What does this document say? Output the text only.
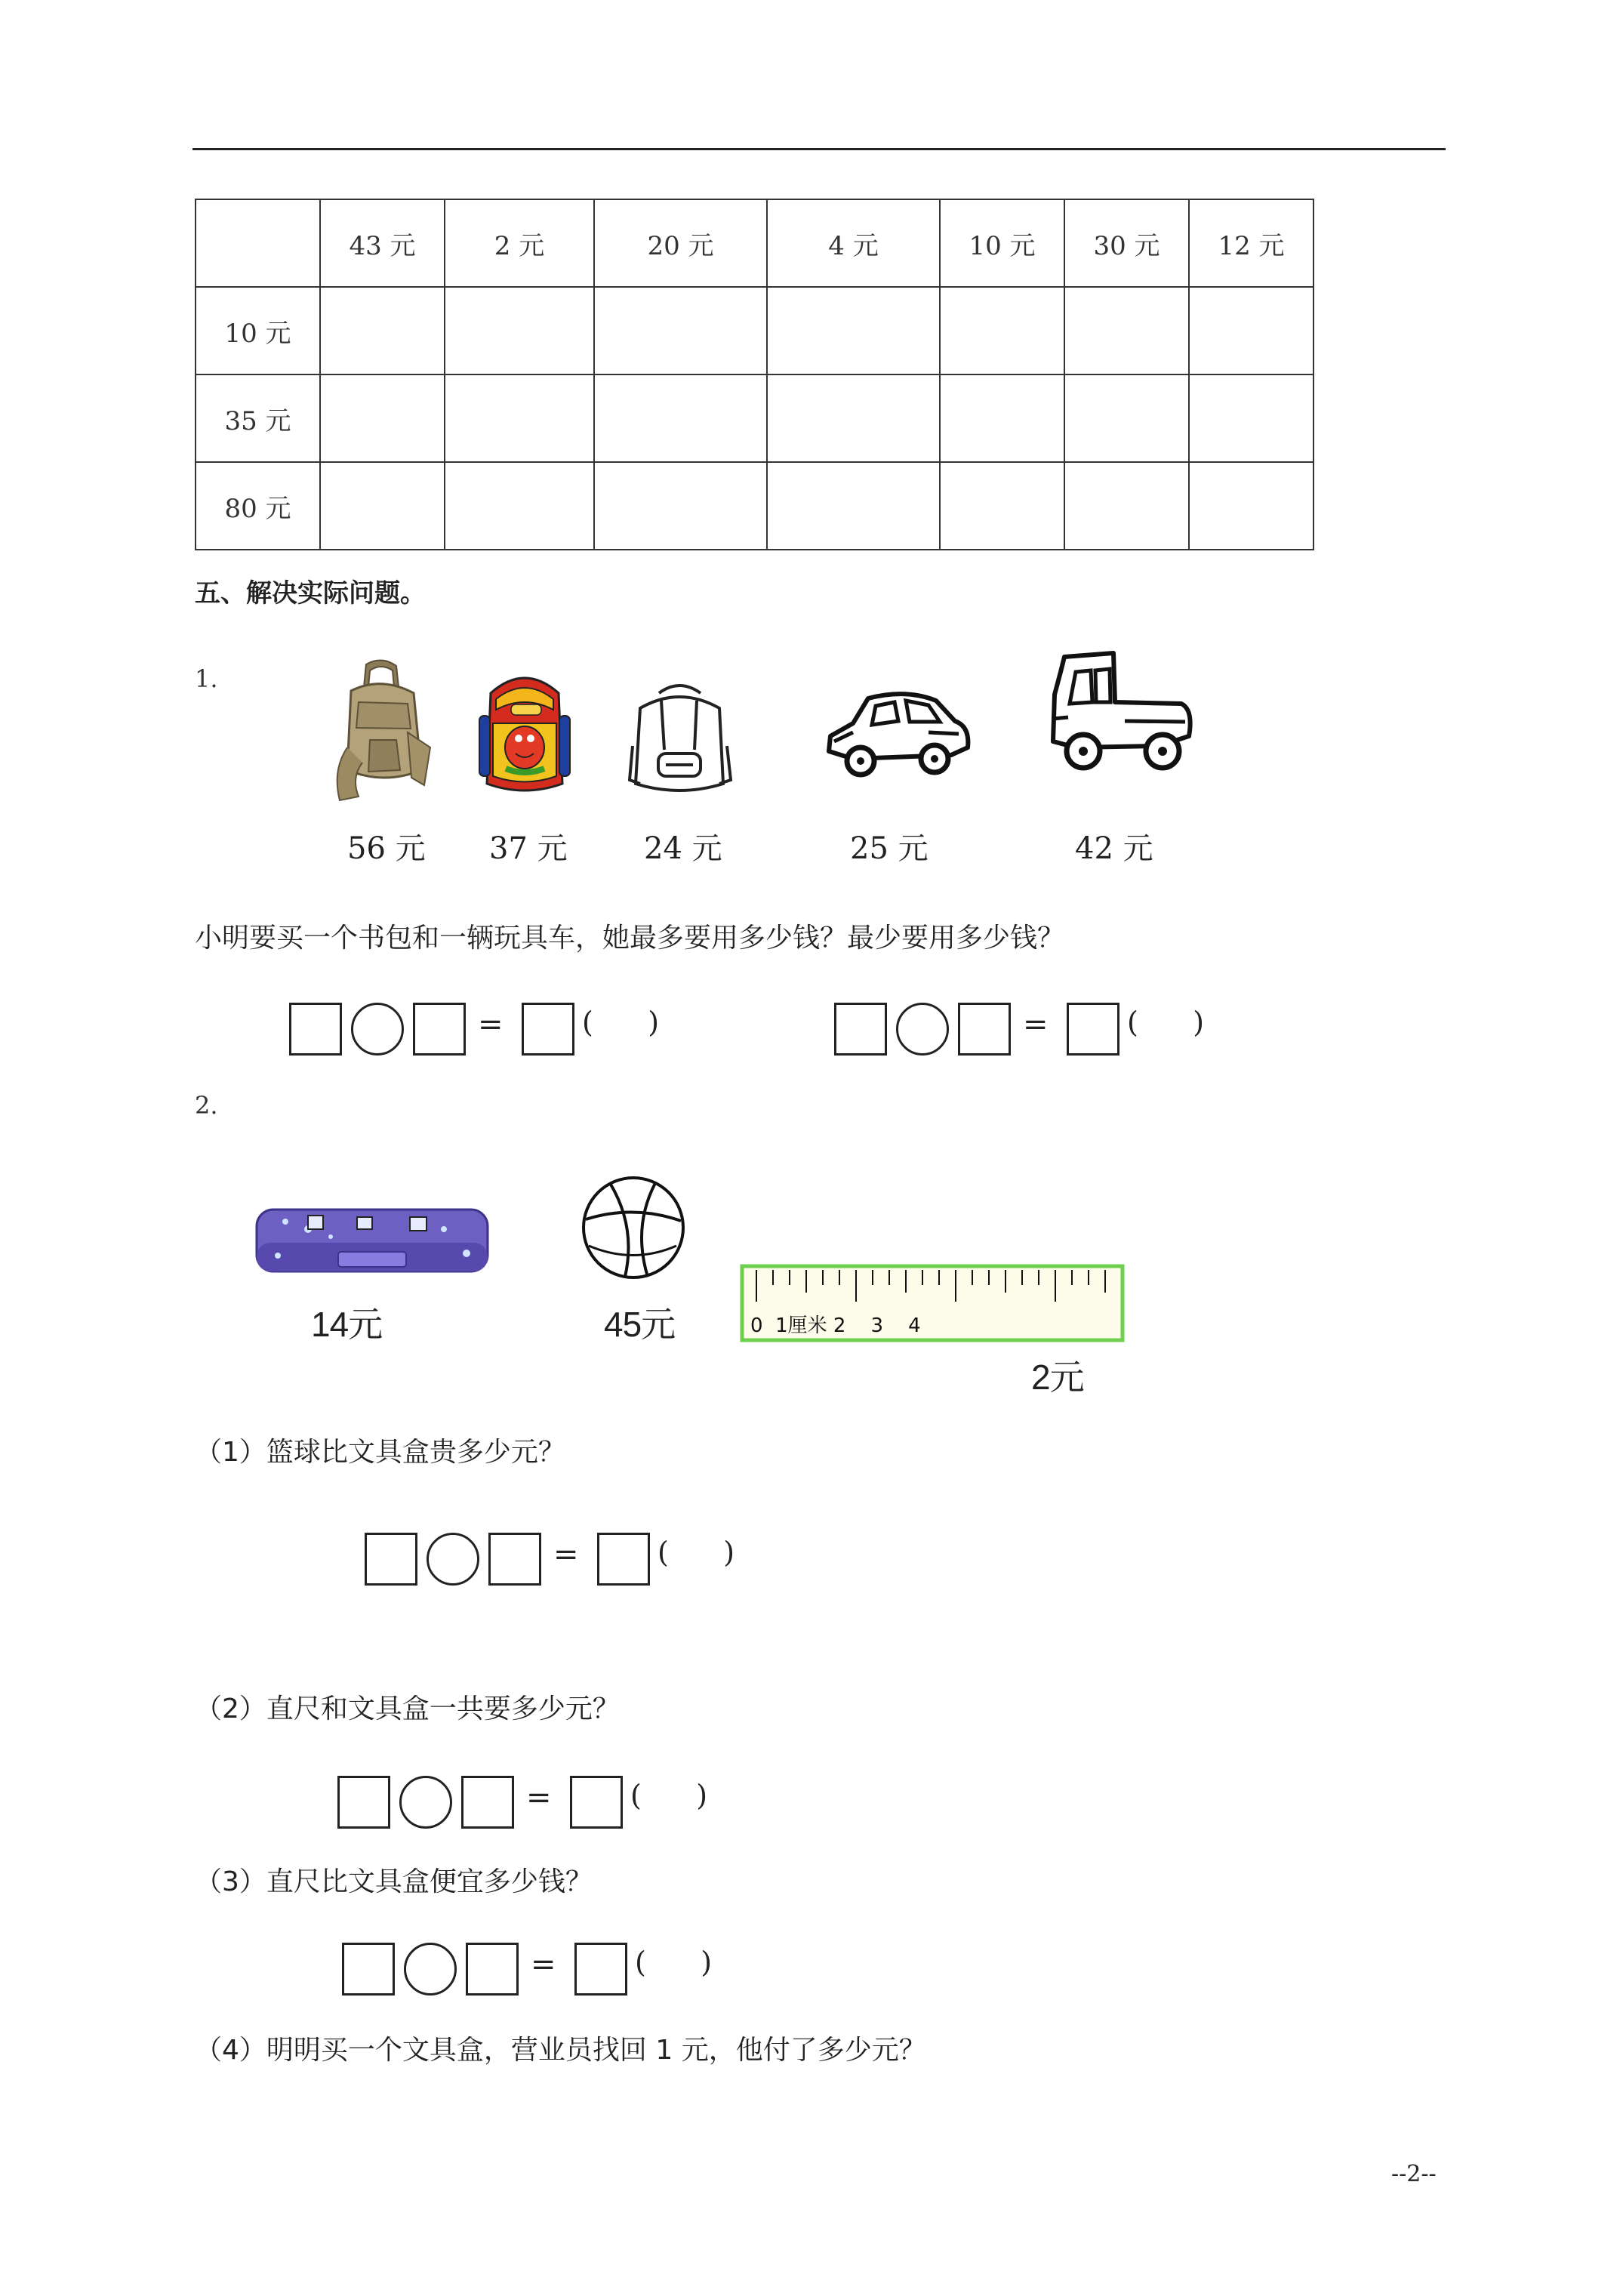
	43 元	2 元	20 元	4 元	10 元	30 元	12 元
10 元							
35 元							
80 元							
五、解决实际问题。
1.
56 元 37 元	24 元	25 元	42 元
小明要买一个书包和一辆玩具车，她最多要用多少钱？最少要用多少钱？
=	(      )	=	(      )
2.
0  1厘米 2    3    4
14元	45元
2元
（1）篮球比文具盒贵多少元？
=	(      )
（2）直尺和文具盒一共要多少元？
=	(      )
（3）直尺比文具盒便宜多少钱？
=	(      )
（4）明明买一个文具盒，营业员找回 1 元，他付了多少元？
--2--
